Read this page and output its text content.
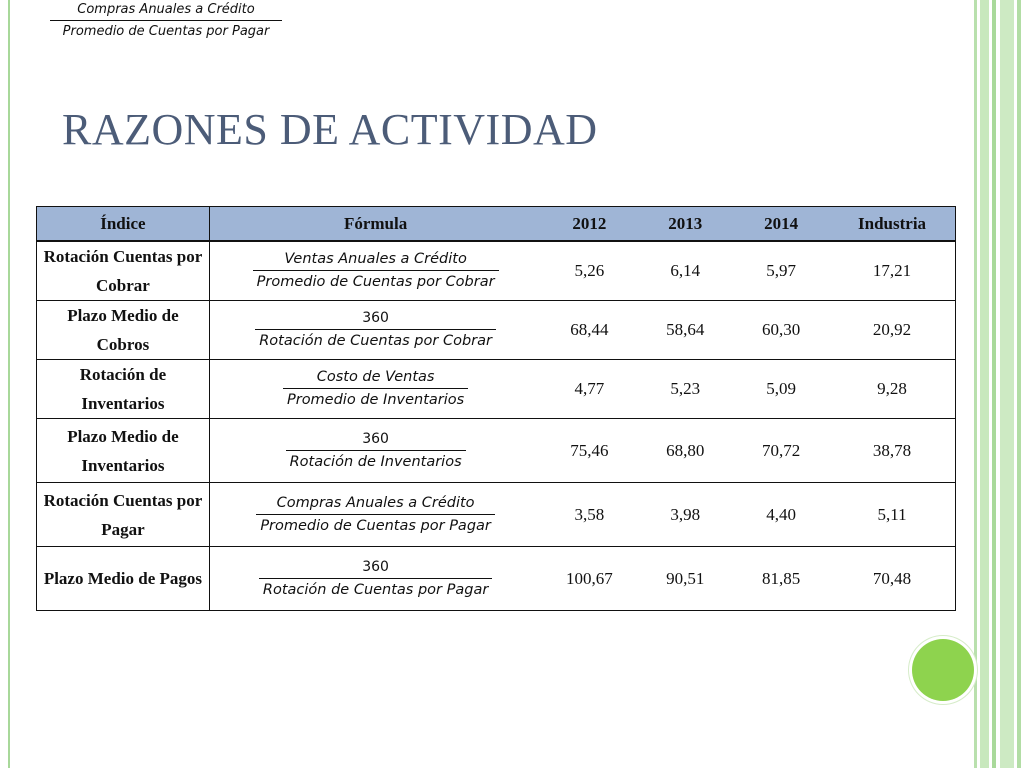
Compras Anuales a Crédito
Promedio de Cuentas por Pagar
RAZONES DE ACTIVIDAD
Índice	Fórmula	2012	2013	2014	Industria
Rotación Cuentas por Cobrar	$\frac{\text{Ventas Anuales a Crédito}}{\text{Promedio de Cuentas por Cobrar}}$	5,26	6,14	5,97	17,21
Plazo Medio de Cobros	$\frac{360}{\text{Rotación de Cuentas por Cobrar}}$	68,44	58,64	60,30	20,92
Rotación de Inventarios	$\frac{\text{Costo de Ventas}}{\text{Promedio de Inventarios}}$	4,77	5,23	5,09	9,28
Plazo Medio de Inventarios	$\frac{360}{\text{Rotación de Inventarios}}$	75,46	68,80	70,72	38,78
Rotación Cuentas por Pagar	$\frac{\text{Compras Anuales a Crédito}}{\text{Promedio de Cuentas por Pagar}}$	3,58	3,98	4,40	5,11
Plazo Medio de Pagos	$\frac{360}{\text{Rotación de Cuentas por Pagar}}$	100,67	90,51	81,85	70,48
